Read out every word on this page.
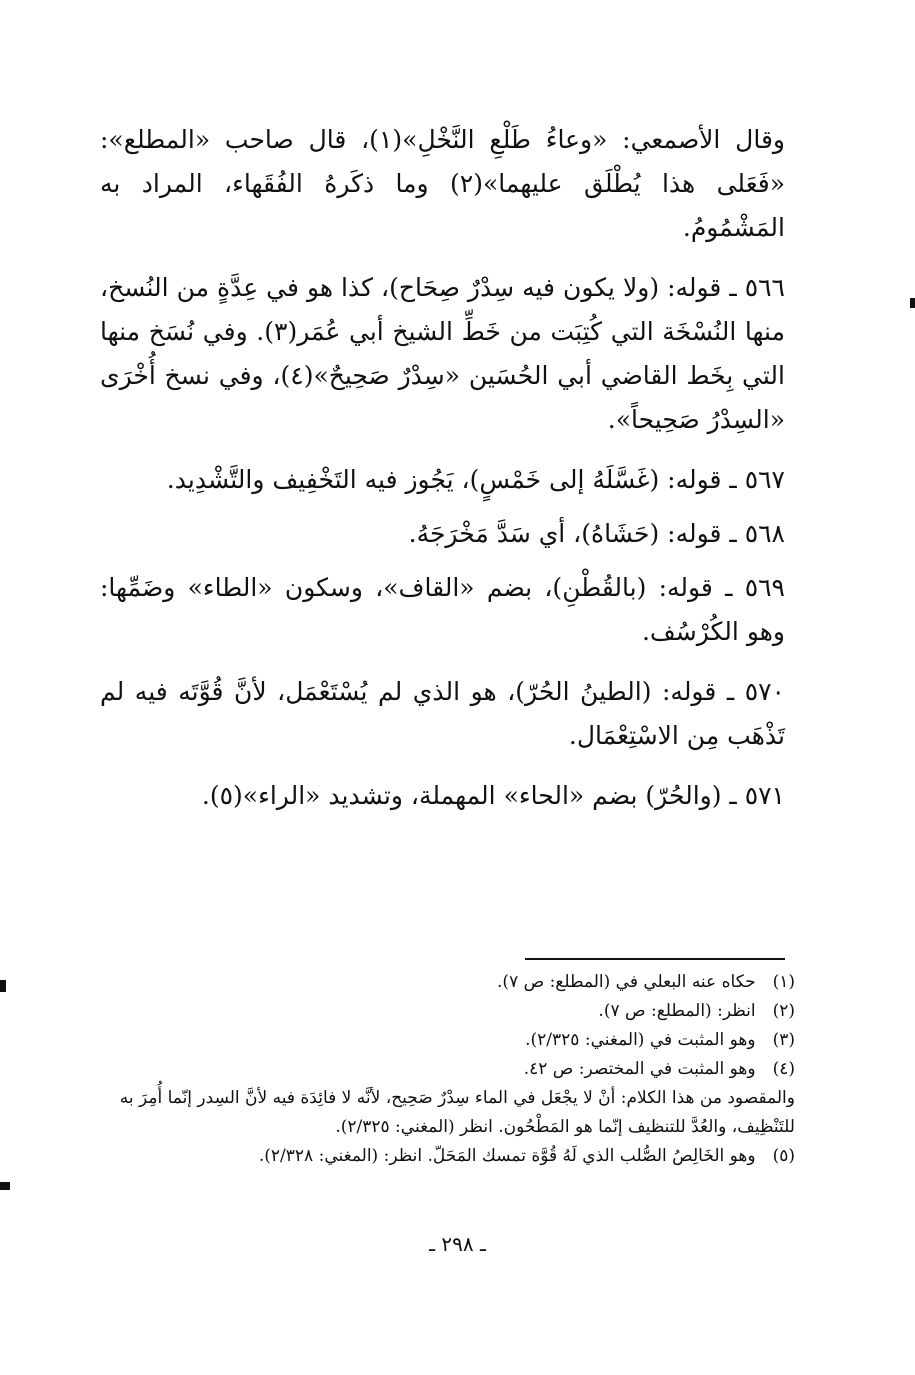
وقال الأصمعي: «وعاءُ طَلْعِ النَّخْلِ»(١)، قال صاحب «المطلع»: «فَعَلى هذا يُطْلَق عليهما»(٢) وما ذكَرهُ الفُقَهاء، المراد به المَشْمُومُ.

٥٦٦ ـ قوله: (ولا يكون فيه سِدْرٌ صِحَاح)، كذا هو في عِدَّةٍ من النُسخ، منها النُسْخَة التي كُتِبَت من خَطِّ الشيخ أبي عُمَر(٣). وفي نُسَخ منها التي بِخَط القاضي أبي الحُسَين «سِدْرٌ صَحِيحٌ»(٤)، وفي نسخ أُخْرَى «السِدْرُ صَحِيحاً».

٥٦٧ ـ قوله: (غَسَّلَهُ إلى خَمْسٍ)، يَجُوز فيه التَخْفِيف والتَّشْدِيد.

٥٦٨ ـ قوله: (حَشَاهُ)، أي سَدَّ مَخْرَجَهُ.

٥٦٩ ـ قوله: (بالقُطْنِ)، بضم «القاف»، وسكون «الطاء» وضَمِّها: وهو الكُرْسُف.

٥٧٠ ـ قوله: (الطينُ الحُرّ)، هو الذي لم يُسْتَعْمَل، لأنَّ قُوَّتَه فيه لم تَذْهَب مِن الاسْتِعْمَال.

٥٧١ ـ (والحُرّ) بضم «الحاء» المهملة، وتشديد «الراء»(٥).

(١) حكاه عنه البعلي في (المطلع: ص ٧).

(٢) انظر: (المطلع: ص ٧).

(٣) وهو المثبت في (المغني: ٢/٣٢٥).

(٤) وهو المثبت في المختصر: ص ٤٢.

والمقصود من هذا الكلام: أنْ لا يجْعَل في الماء سِدْرٌ صَحِيح، لأنَّه لا فائِدَة فيه لأنَّ السِدر إنّما أُمِرَ به للتَنْظِيف، والعُدَّ للتنظيف إنّما هو المَطْحُون. انظر (المغني: ٢/٣٢٥).

(٥) وهو الخَالِصُ الصُّلب الذي لَهُ قُوَّة تمسك المَحَلّ. انظر: (المغني: ٢/٣٢٨).

ـ ٢٩٨ ـ
